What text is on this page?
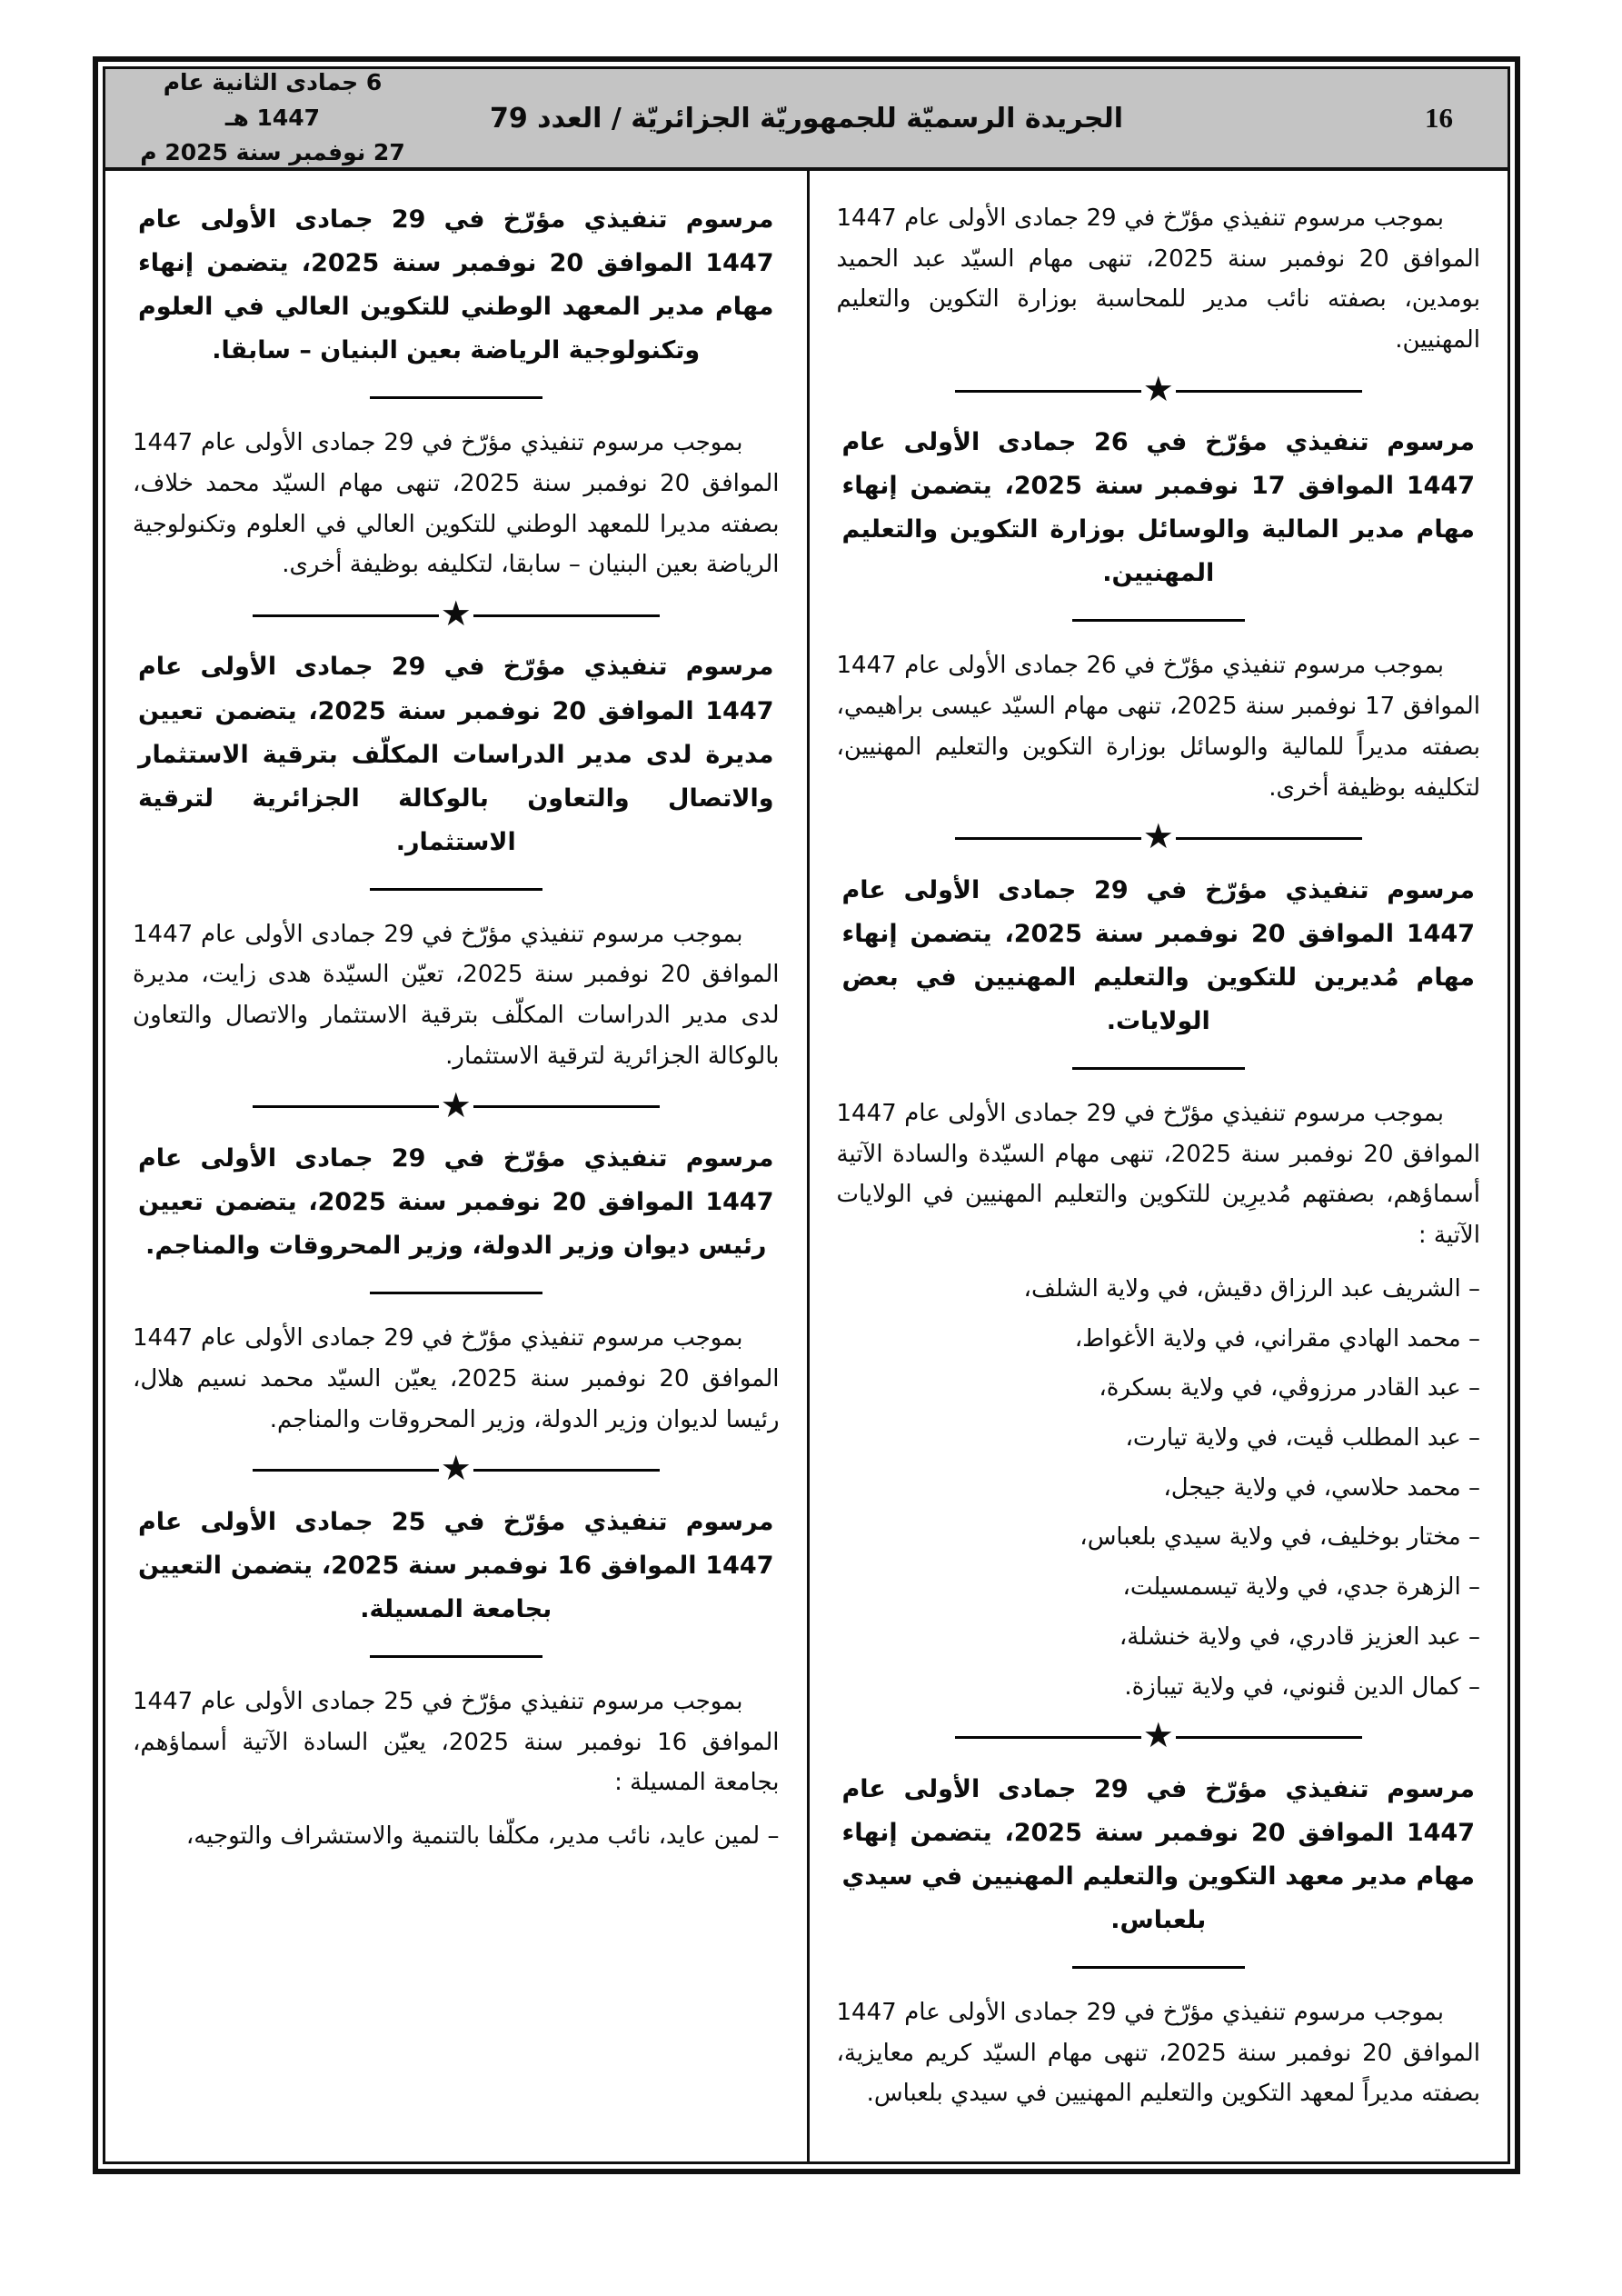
16
الجريدة الرسميّة للجمهوريّة الجزائريّة / العدد 79
6 جمادى الثانية عام 1447 هـ
27 نوفمبر سنة 2025 م

بموجب مرسوم تنفيذي مؤرّخ في 29 جمادى الأولى عام 1447 الموافق 20 نوفمبر سنة 2025، تنهى مهام السيّد عبد الحميد بومدين، بصفته نائب مدير للمحاسبة بوزارة التكوين والتعليم المهنيين.

★

مرسوم تنفيذي مؤرّخ في 26 جمادى الأولى عام 1447 الموافق 17 نوفمبر سنة 2025، يتضمن إنهاء مهام مدير المالية والوسائل بوزارة التكوين والتعليم المهنيين.

بموجب مرسوم تنفيذي مؤرّخ في 26 جمادى الأولى عام 1447 الموافق 17 نوفمبر سنة 2025، تنهى مهام السيّد عيسى براهيمي، بصفته مديراً للمالية والوسائل بوزارة التكوين والتعليم المهنيين، لتكليفه بوظيفة أخرى.

★

مرسوم تنفيذي مؤرّخ في 29 جمادى الأولى عام 1447 الموافق 20 نوفمبر سنة 2025، يتضمن إنهاء مهام مُديرين للتكوين والتعليم المهنيين في بعض الولايات.

بموجب مرسوم تنفيذي مؤرّخ في 29 جمادى الأولى عام 1447 الموافق 20 نوفمبر سنة 2025، تنهى مهام السيّدة والسادة الآتية أسماؤهم، بصفتهم مُديرِين للتكوين والتعليم المهنيين في الولايات الآتية :

– الشريف عبد الرزاق دقيش، في ولاية الشلف،

– محمد الهادي مقراني، في ولاية الأغواط،

– عبد القادر مرزوڤي، في ولاية بسكرة،

– عبد المطلب ڤيت، في ولاية تيارت،

– محمد حلاسي، في ولاية جيجل،

– مختار بوخليف، في ولاية سيدي بلعباس،

– الزهرة جدي، في ولاية تيسمسيلت،

– عبد العزيز قادري، في ولاية خنشلة،

– كمال الدين ڤنوني، في ولاية تيبازة.

★

مرسوم تنفيذي مؤرّخ في 29 جمادى الأولى عام 1447 الموافق 20 نوفمبر سنة 2025، يتضمن إنهاء مهام مدير معهد التكوين والتعليم المهنيين في سيدي بلعباس.

بموجب مرسوم تنفيذي مؤرّخ في 29 جمادى الأولى عام 1447 الموافق 20 نوفمبر سنة 2025، تنهى مهام السيّد كريم معايزية، بصفته مديراً لمعهد التكوين والتعليم المهنيين في سيدي بلعباس.

مرسوم تنفيذي مؤرّخ في 29 جمادى الأولى عام 1447 الموافق 20 نوفمبر سنة 2025، يتضمن إنهاء مهام مدير المعهد الوطني للتكوين العالي في العلوم وتكنولوجية الرياضة بعين البنيان – سابقا.

بموجب مرسوم تنفيذي مؤرّخ في 29 جمادى الأولى عام 1447 الموافق 20 نوفمبر سنة 2025، تنهى مهام السيّد محمد خلاف، بصفته مديرا للمعهد الوطني للتكوين العالي في العلوم وتكنولوجية الرياضة بعين البنيان – سابقا، لتكليفه بوظيفة أخرى.

★

مرسوم تنفيذي مؤرّخ في 29 جمادى الأولى عام 1447 الموافق 20 نوفمبر سنة 2025، يتضمن تعيين مديرة لدى مدير الدراسات المكلّف بترقية الاستثمار والاتصال والتعاون بالوكالة الجزائرية لترقية الاستثمار.

بموجب مرسوم تنفيذي مؤرّخ في 29 جمادى الأولى عام 1447 الموافق 20 نوفمبر سنة 2025، تعيّن السيّدة هدى زايت، مديرة لدى مدير الدراسات المكلّف بترقية الاستثمار والاتصال والتعاون بالوكالة الجزائرية لترقية الاستثمار.

★

مرسوم تنفيذي مؤرّخ في 29 جمادى الأولى عام 1447 الموافق 20 نوفمبر سنة 2025، يتضمن تعيين رئيس ديوان وزير الدولة، وزير المحروقات والمناجم.

بموجب مرسوم تنفيذي مؤرّخ في 29 جمادى الأولى عام 1447 الموافق 20 نوفمبر سنة 2025، يعيّن السيّد محمد نسيم هلال، رئيسا لديوان وزير الدولة، وزير المحروقات والمناجم.

★

مرسوم تنفيذي مؤرّخ في 25 جمادى الأولى عام 1447 الموافق 16 نوفمبر سنة 2025، يتضمن التعيين بجامعة المسيلة.

بموجب مرسوم تنفيذي مؤرّخ في 25 جمادى الأولى عام 1447 الموافق 16 نوفمبر سنة 2025، يعيّن السادة الآتية أسماؤهم، بجامعة المسيلة :

– لمين عايد، نائب مدير، مكلّفا بالتنمية والاستشراف والتوجيه،
